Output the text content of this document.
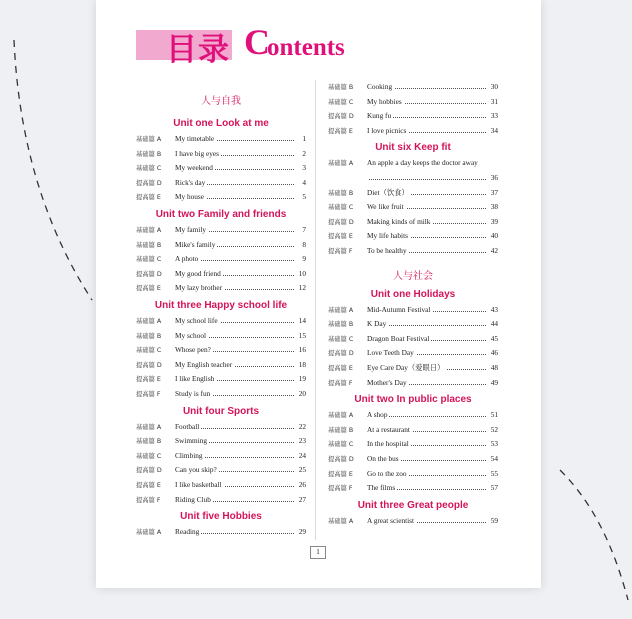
目录 C
ontents
人与自我
Unit one Look at me
基础篇 A	My timetable	1
基础篇 B	I have big eyes	2
基础篇 C	My weekend	3
提高篇 D	Rick's day	4
提高篇 E	My house	5
Unit two Family and friends
基础篇 A	My family	7
基础篇 B	Mike's family	8
基础篇 C	A photo	9
提高篇 D	My good friend	10
提高篇 E	My lazy brother	12
Unit three Happy school life
基础篇 A	My school life	14
基础篇 B	My school	15
基础篇 C	Whose pen?	16
提高篇 D	My English teacher	18
提高篇 E	I like English	19
提高篇 F	Study is fun	20
Unit four Sports
基础篇 A	Football	22
基础篇 B	Swimming	23
基础篇 C	Climbing	24
提高篇 D	Can you skip?	25
提高篇 E	I like basketball	26
提高篇 F	Riding Club	27
Unit five Hobbies
基础篇 A	Reading	29
基础篇 B	Cooking	30
基础篇 C	My hobbies	31
提高篇 D	Kung fu	33
提高篇 E	I love picnics	34
Unit six Keep fit
基础篇 A	An apple a day keeps the doctor away
36
基础篇 B	Diet（饮食）	37
基础篇 C	We like fruit	38
提高篇 D	Making kinds of milk	39
提高篇 E	My life habits	40
提高篇 F	To be healthy	42
人与社会
Unit one Holidays
基础篇 A	Mid-Autumn Festival	43
基础篇 B	K Day	44
基础篇 C	Dragon Boat Festival	45
提高篇 D	Love Teeth Day	46
提高篇 E	Eye Care Day（爱眼日）	48
提高篇 F	Mother's Day	49
Unit two In public places
基础篇 A	A shop	51
基础篇 B	At a restaurant	52
基础篇 C	In the hospital	53
提高篇 D	On the bus	54
提高篇 E	Go to the zoo	55
提高篇 F	The films	57
Unit three Great people
基础篇 A	A great scientist	59
1
